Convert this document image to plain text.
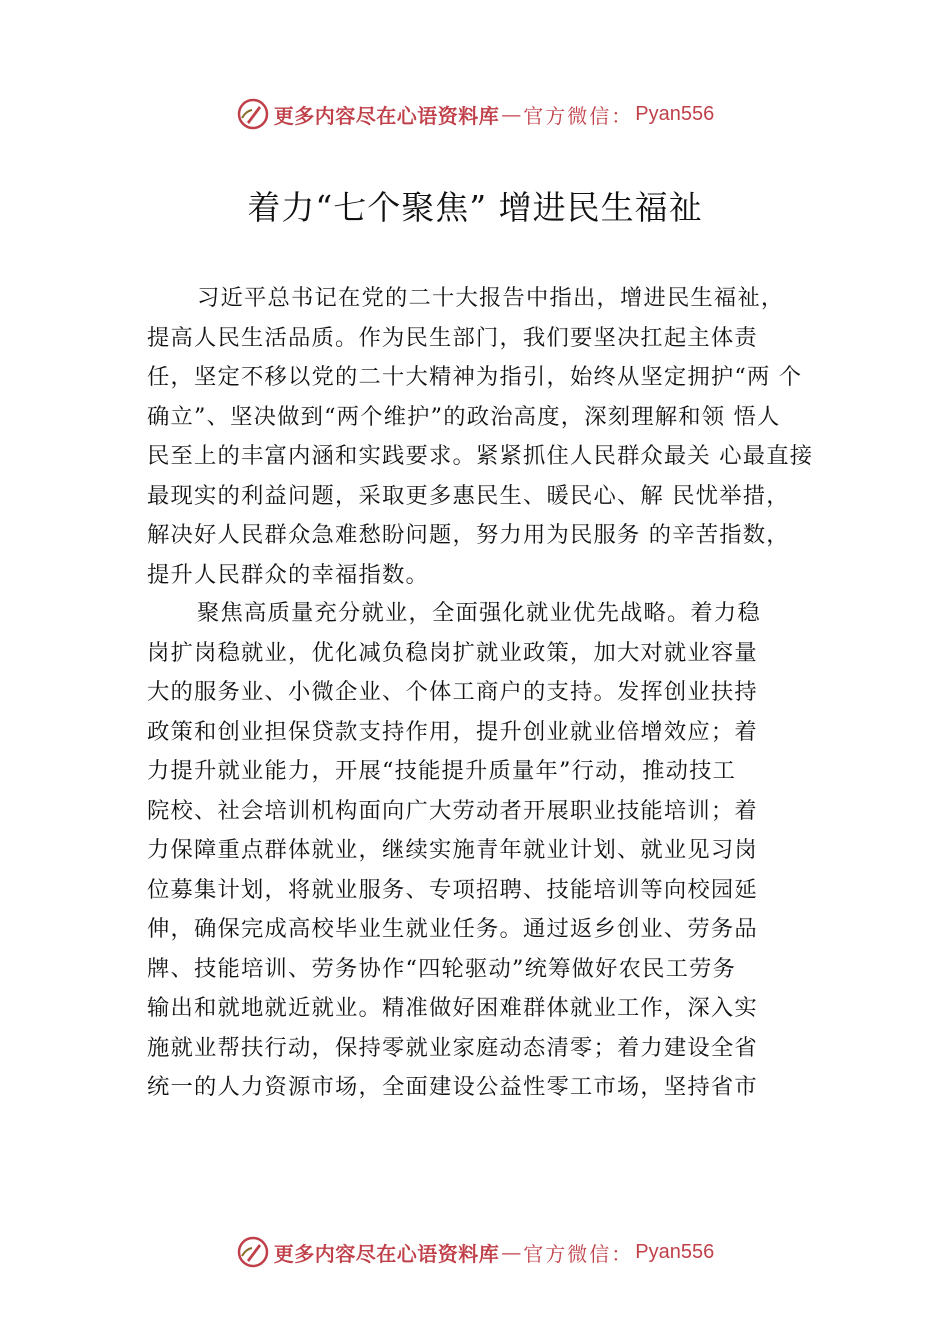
更多内容尽在心语资料库 — 官方微信： Pyan556
着力“七个聚焦” 增进民生福祉
习近平总书记在党的二十大报告中指出，增进民生福祉，
提高人民生活品质。作为民生部门，我们要坚决扛起主体责
任，坚定不移以党的二十大精神为指引，始终从坚定拥护“两 个
确立”、坚决做到“两个维护”的政治高度，深刻理解和领 悟人
民至上的丰富内涵和实践要求。紧紧抓住人民群众最关 心最直接
最现实的利益问题，采取更多惠民生、暖民心、解 民忧举措，
解决好人民群众急难愁盼问题，努力用为民服务 的辛苦指数，
提升人民群众的幸福指数。
聚焦高质量充分就业，全面强化就业优先战略。着力稳
岗扩岗稳就业，优化减负稳岗扩就业政策，加大对就业容量
大的服务业、小微企业、个体工商户的支持。发挥创业扶持
政策和创业担保贷款支持作用，提升创业就业倍增效应；着
力提升就业能力，开展“技能提升质量年”行动，推动技工
院校、社会培训机构面向广大劳动者开展职业技能培训；着
力保障重点群体就业，继续实施青年就业计划、就业见习岗
位募集计划，将就业服务、专项招聘、技能培训等向校园延
伸，确保完成高校毕业生就业任务。通过返乡创业、劳务品
牌、技能培训、劳务协作“四轮驱动”统筹做好农民工劳务
输出和就地就近就业。精准做好困难群体就业工作，深入实
施就业帮扶行动，保持零就业家庭动态清零；着力建设全省
统一的人力资源市场，全面建设公益性零工市场，坚持省市
更多内容尽在心语资料库 — 官方微信： Pyan556
